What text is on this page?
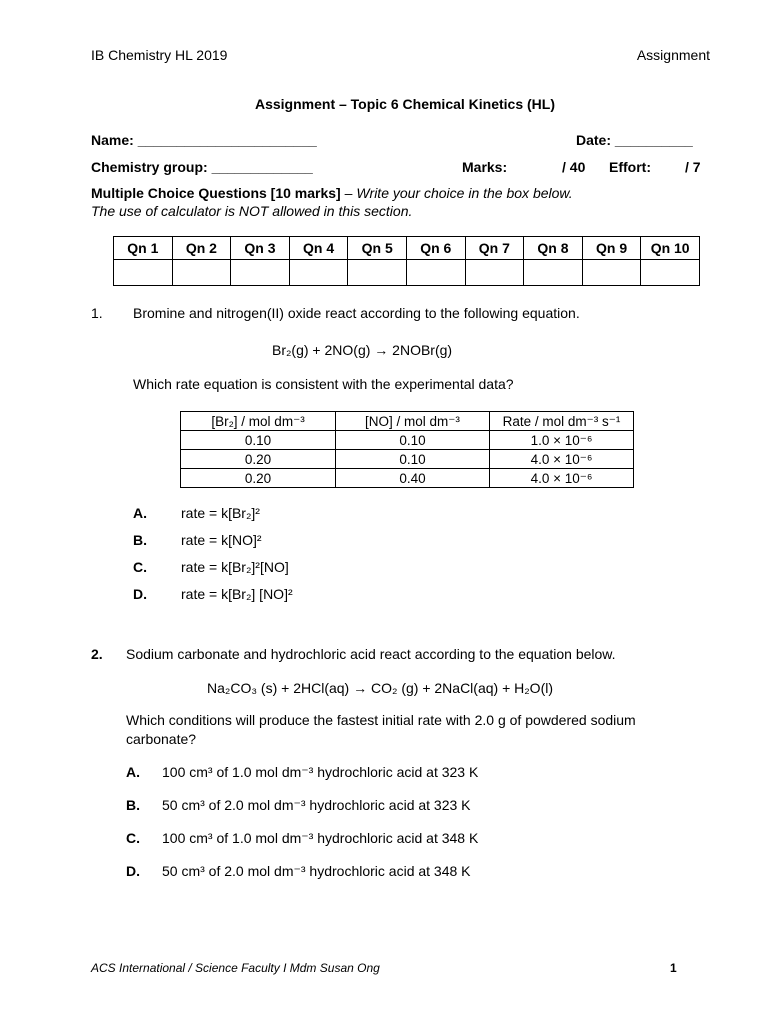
IB Chemistry HL 2019	Assignment
Assignment – Topic 6 Chemical Kinetics (HL)
Name: _______________________	Date: __________
Chemistry group: _____________	Marks:	/ 40 Effort: / 7
Multiple Choice Questions [10 marks] – Write your choice in the box below.
The use of calculator is NOT allowed in this section.
Qn 1	Qn 2	Qn 3	Qn 4	Qn 5	Qn 6	Qn 7	Qn 8	Qn 9	Qn 10

1. Bromine and nitrogen(II) oxide react according to the following equation.
Br₂(g) + 2NO(g) → 2NOBr(g)
Which rate equation is consistent with the experimental data?
[Br₂] / mol dm⁻³	[NO] / mol dm⁻³	Rate / mol dm⁻³ s⁻¹
0.10	0.10	1.0 × 10⁻⁶
0.20	0.10	4.0 × 10⁻⁶
0.20	0.40	4.0 × 10⁻⁶
A. rate = k[Br₂]²
B. rate = k[NO]²
C. rate = k[Br₂]²[NO]
D. rate = k[Br₂] [NO]²
2. Sodium carbonate and hydrochloric acid react according to the equation below.
Na₂CO₃ (s) + 2HCl(aq) → CO₂ (g) + 2NaCl(aq) + H₂O(l)
Which conditions will produce the fastest initial rate with 2.0 g of powdered sodium
carbonate?
A. 100 cm³ of 1.0 mol dm⁻³ hydrochloric acid at 323 K
B. 50 cm³ of 2.0 mol dm⁻³ hydrochloric acid at 323 K
C. 100 cm³ of 1.0 mol dm⁻³ hydrochloric acid at 348 K
D. 50 cm³ of 2.0 mol dm⁻³ hydrochloric acid at 348 K
ACS International / Science Faculty I Mdm Susan Ong	1
